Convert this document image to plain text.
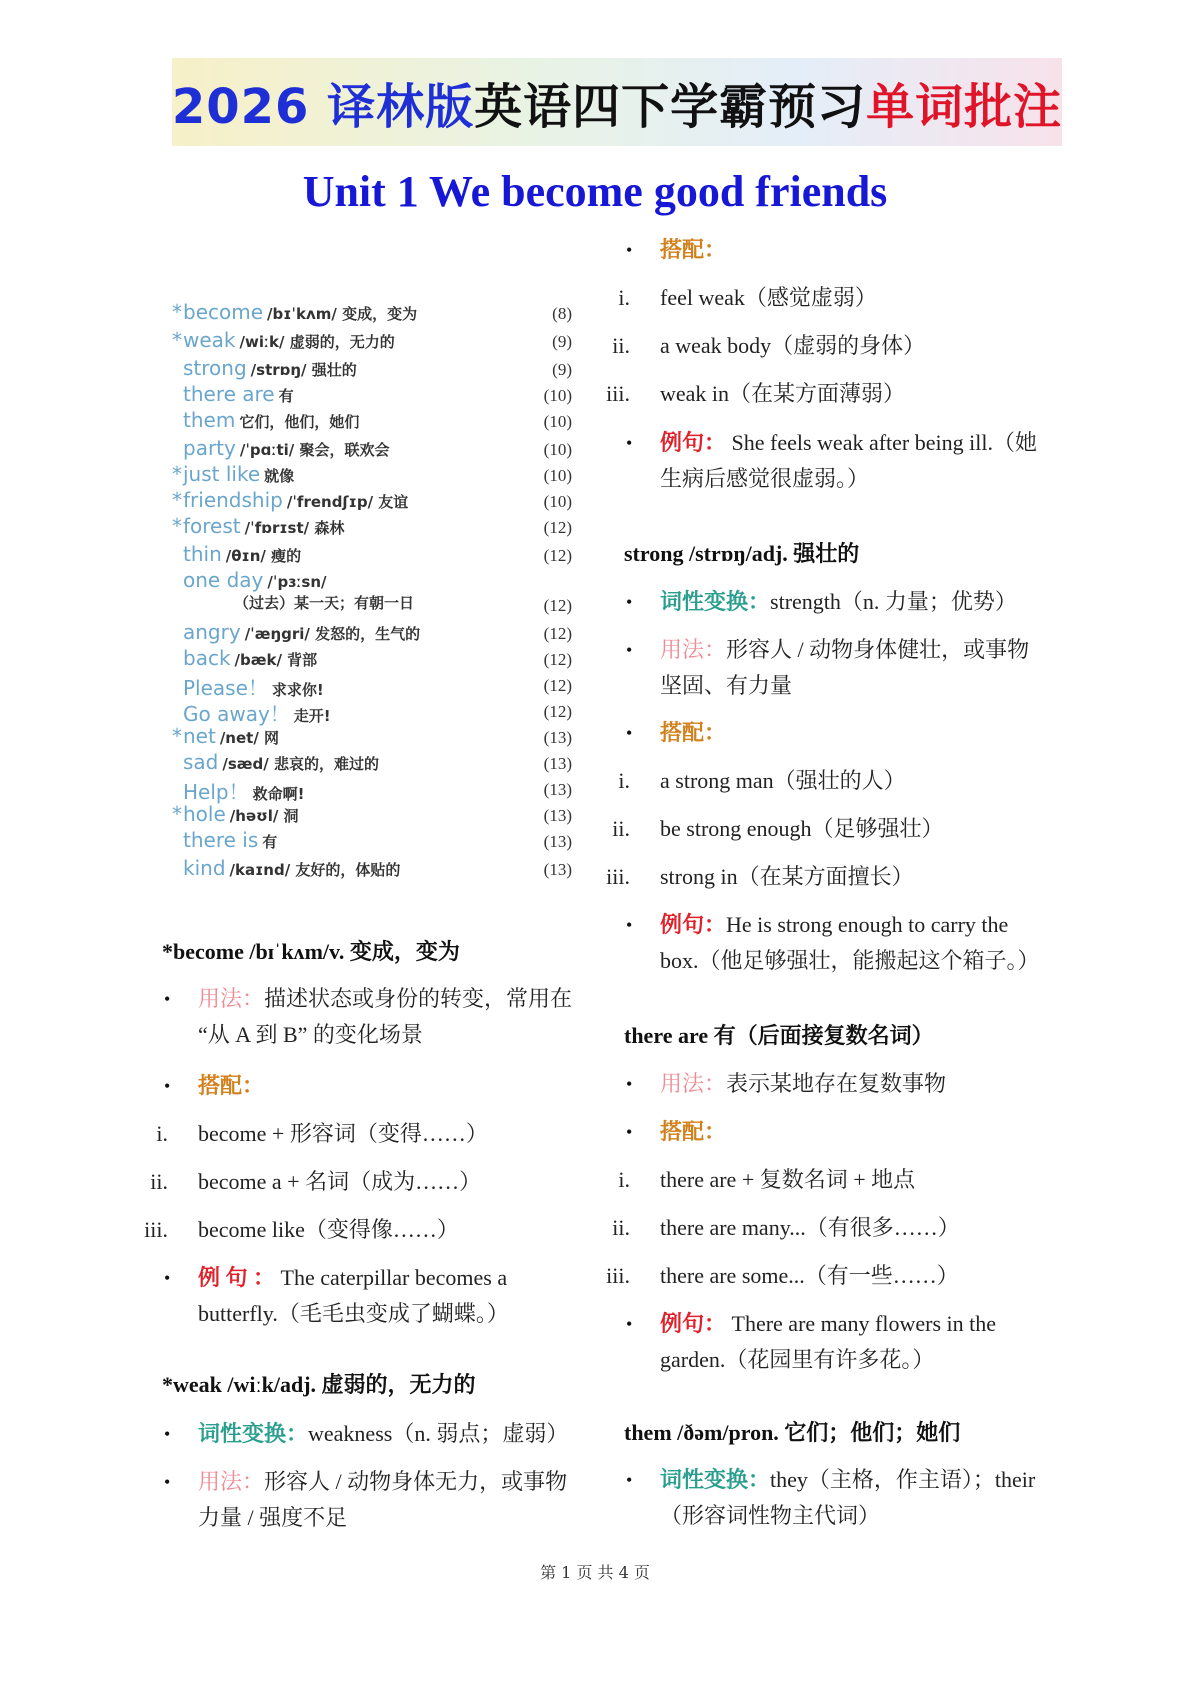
2026 译林版 英语四下学霸预习 单词批注
Unit 1 We become good friends
* become /bɪˈkʌm/ 变成，变为	(8)
* weak /wiːk/ 虚弱的，无力的	(9)
strong /strɒŋ/ 强壮的	(9)
there are 有	(10)
them 它们，他们，她们	(10)
party /ˈpɑːti/ 聚会，联欢会	(10)
* just like 就像	(10)
* friendship /ˈfrendʃɪp/ 友谊	(10)
* forest /ˈfɒrɪst/ 森林	(12)
thin /θɪn/ 瘦的	(12)
one day /ˈpɜːsn/
（过去）某一天；有朝一日	(12)
angry /ˈæŋgri/ 发怒的，生气的	(12)
back /bæk/ 背部	(12)
Please！ 求求你!	(12)
Go away！ 走开!	(12)
* net /net/ 网	(13)
sad /sæd/ 悲哀的，难过的	(13)
Help！ 救命啊!	(13)
* hole /həʊl/ 洞	(13)
there is 有	(13)
kind /kaɪnd/ 友好的，体贴的	(13)
*become /bɪˈkʌm/v. 变成，变为
• 用法：描述状态或身份的转变，常用在 “从 A 到 B” 的变化场景
• 搭配：
i. become + 形容词（变得……）
ii. become a + 名词（成为……）
iii. become like（变得像……）
• 例 句 ： The caterpillar becomes a butterfly.（毛毛虫变成了蝴蝶。）
*weak /wiːk/adj. 虚弱的，无力的
• 词性变换：weakness（n. 弱点；虚弱）
• 用法：形容人 / 动物身体无力，或事物力量 / 强度不足
• 搭配：
i. feel weak（感觉虚弱）
ii. a weak body（虚弱的身体）
iii. weak in（在某方面薄弱）
• 例句： She feels weak after being ill.（她生病后感觉很虚弱。）
strong /strɒŋ/adj. 强壮的
• 词性变换：strength（n. 力量；优势）
• 用法：形容人 / 动物身体健壮，或事物坚固、有力量
• 搭配：
i. a strong man（强壮的人）
ii. be strong enough（足够强壮）
iii. strong in（在某方面擅长）
• 例句：He is strong enough to carry the box.（他足够强壮，能搬起这个箱子。）
there are 有（后面接复数名词）
• 用法：表示某地存在复数事物
• 搭配：
i. there are + 复数名词 + 地点
ii. there are many...（有很多……）
iii. there are some...（有一些……）
• 例句： There are many flowers in the garden.（花园里有许多花。）
them /ðəm/pron. 它们；他们；她们
• 词性变换：they（主格，作主语）；their（形容词性物主代词）
第 1 页 共 4 页
